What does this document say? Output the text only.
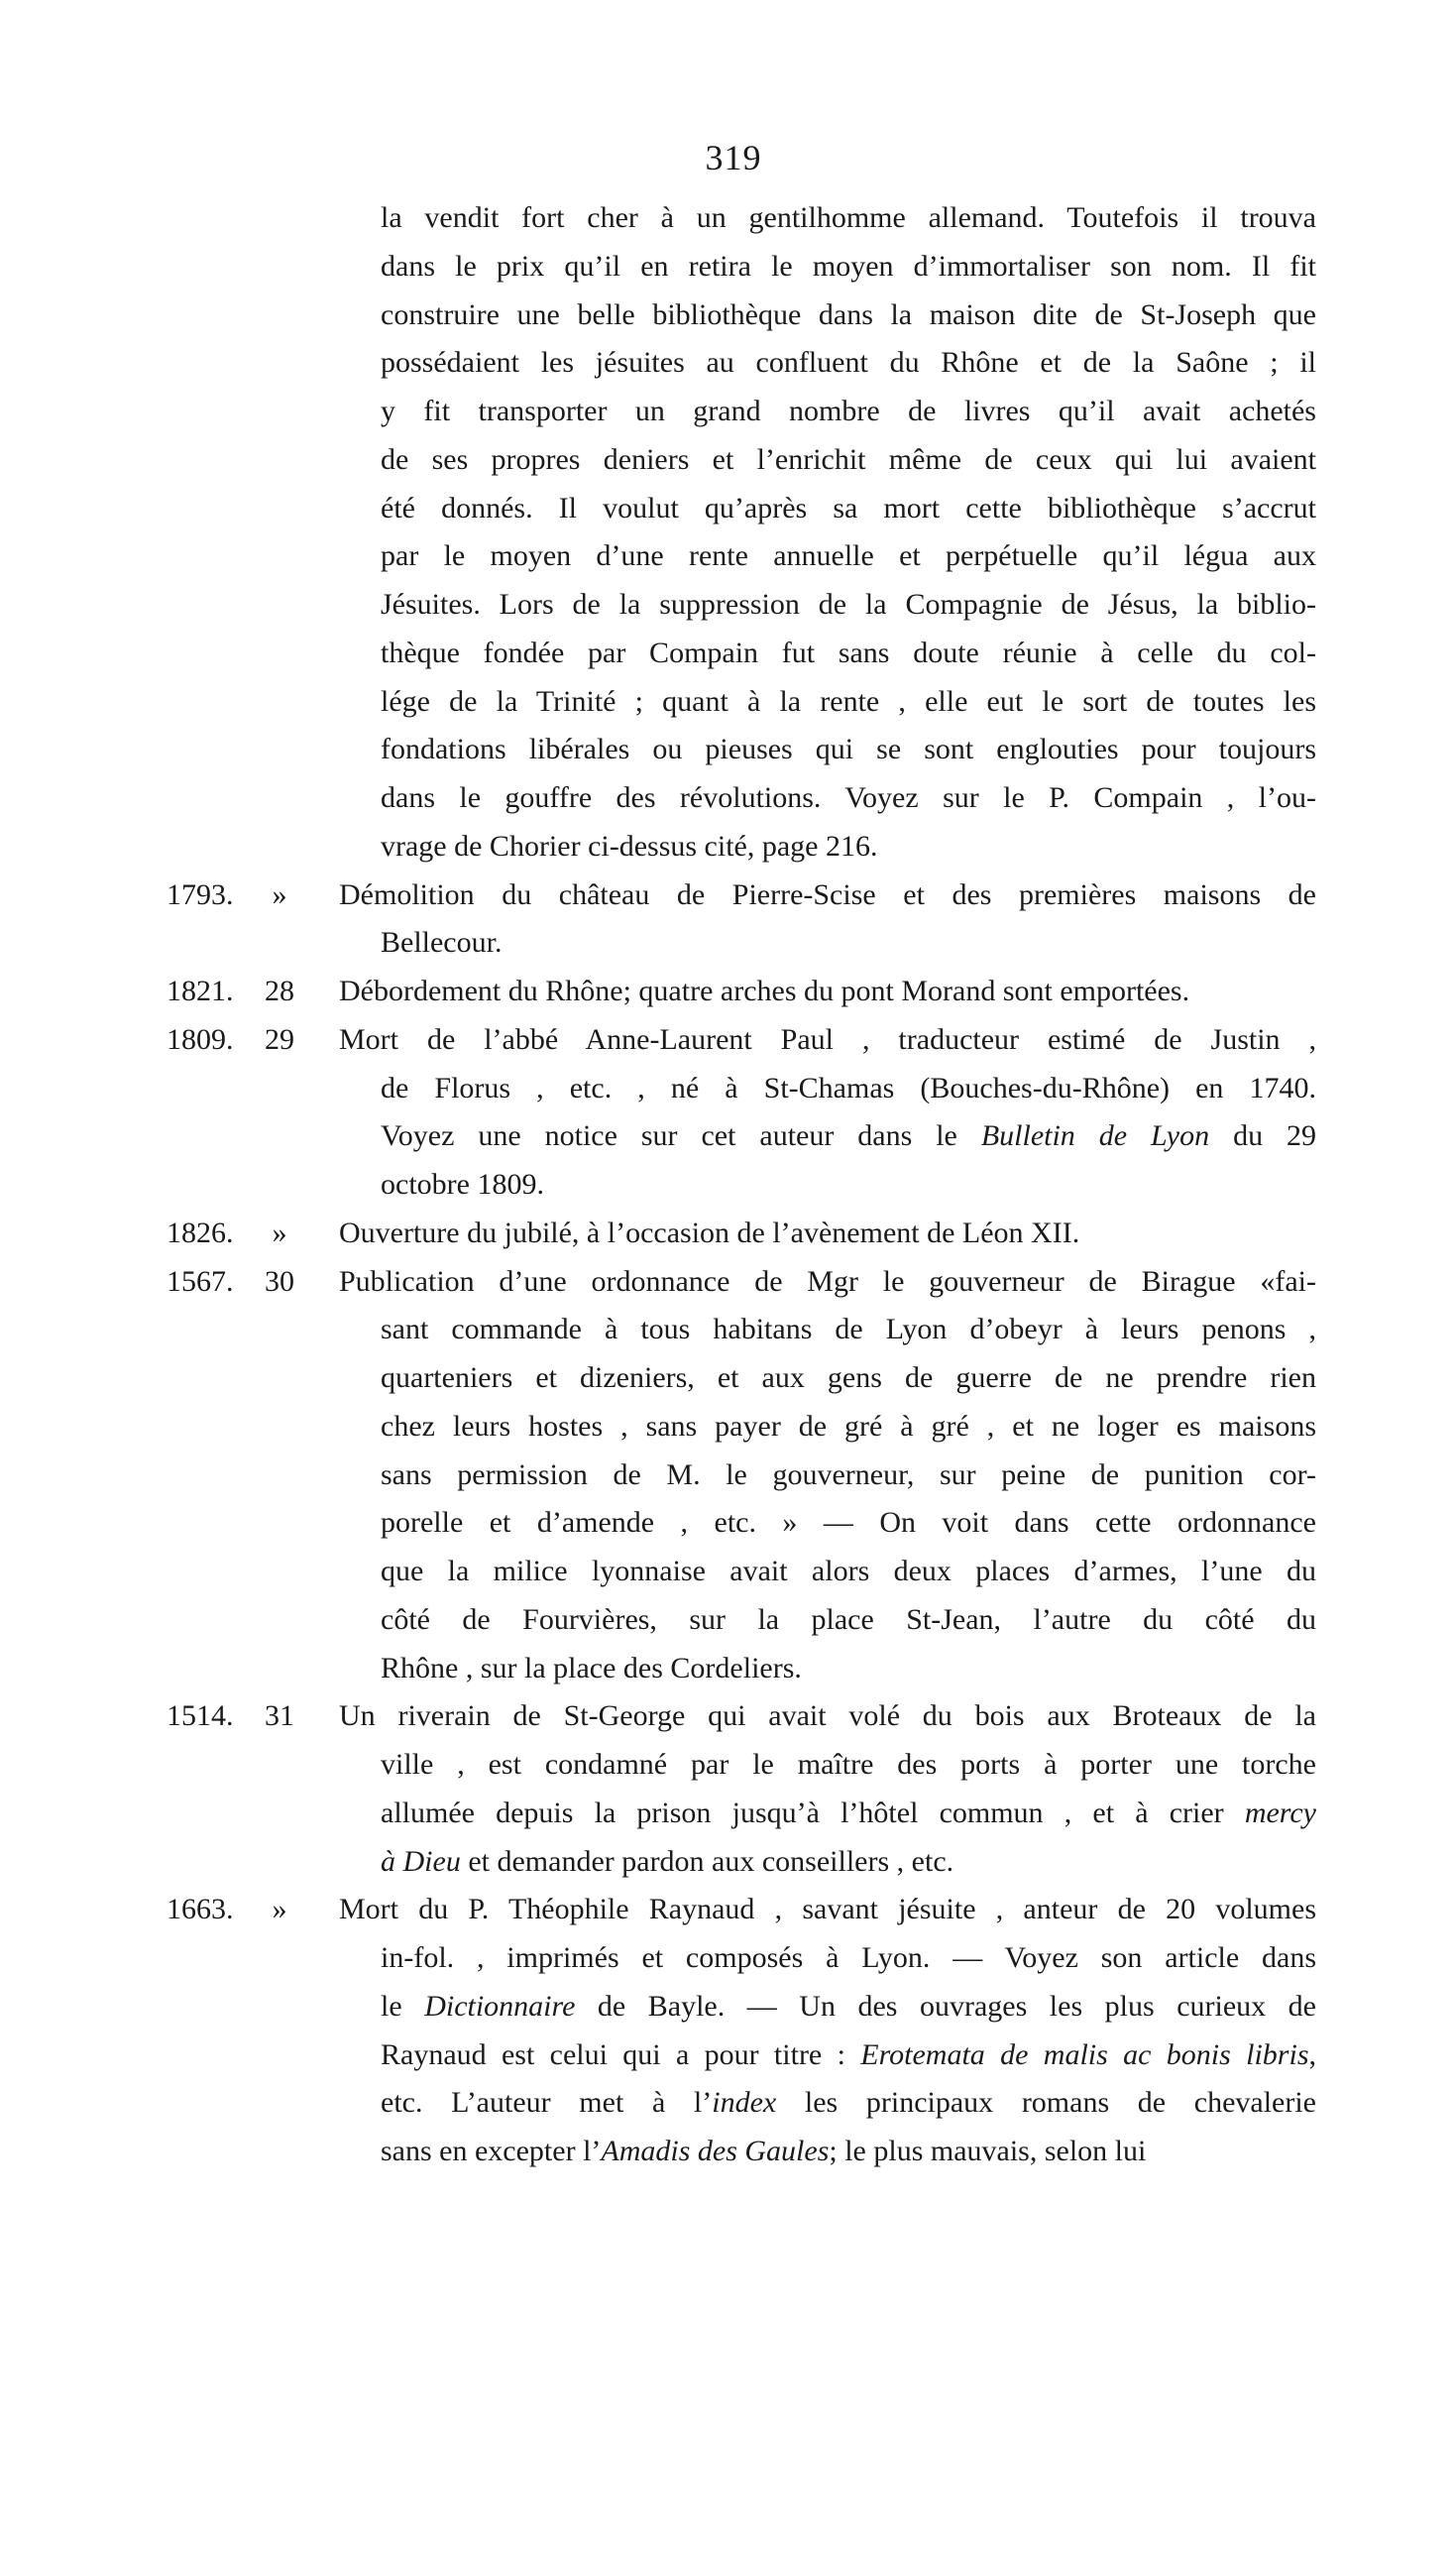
319
la vendit fort cher à un gentilhomme allemand. Toutefois il trouva
dans le prix qu’il en retira le moyen d’immortaliser son nom. Il fit
construire une belle bibliothèque dans la maison dite de St-Joseph que
possédaient les jésuites au confluent du Rhône et de la Saône ; il
y fit transporter un grand nombre de livres qu’il avait achetés
de ses propres deniers et l’enrichit même de ceux qui lui avaient
été donnés. Il voulut qu’après sa mort cette bibliothèque s’accrut
par le moyen d’une rente annuelle et perpétuelle qu’il légua aux
Jésuites. Lors de la suppression de la Compagnie de Jésus, la biblio-
thèque fondée par Compain fut sans doute réunie à celle du col-
lége de la Trinité ; quant à la rente , elle eut le sort de toutes les
fondations libérales ou pieuses qui se sont englouties pour toujours
dans le gouffre des révolutions. Voyez sur le P. Compain , l’ou-
vrage de Chorier ci-dessus cité, page 216.
1793.	»	Démolition du château de Pierre-Scise et des premières maisons de
Bellecour.
1821. 28 Débordement du Rhône; quatre arches du pont Morand sont emportées.
1809. 29 Mort de l’abbé Anne-Laurent Paul , traducteur estimé de Justin ,
de Florus , etc. , né à St-Chamas (Bouches-du-Rhône) en 1740.
Voyez une notice sur cet auteur dans le Bulletin de Lyon du 29
octobre 1809.
1826.	»	Ouverture du jubilé, à l’occasion de l’avènement de Léon XII.
1567. 30 Publication d’une ordonnance de Mgr le gouverneur de Birague «fai-
sant commande à tous habitans de Lyon d’obeyr à leurs penons ,
quarteniers et dizeniers, et aux gens de guerre de ne prendre rien
chez leurs hostes , sans payer de gré à gré , et ne loger es maisons
sans permission de M. le gouverneur, sur peine de punition cor-
porelle et d’amende , etc. » — On voit dans cette ordonnance
que la milice lyonnaise avait alors deux places d’armes, l’une du
côté de Fourvières, sur la place St-Jean, l’autre du côté du
Rhône , sur la place des Cordeliers.
1514. 31 Un riverain de St-George qui avait volé du bois aux Broteaux de la
ville , est condamné par le maître des ports à porter une torche
allumée depuis la prison jusqu’à l’hôtel commun , et à crier mercy
à Dieu et demander pardon aux conseillers , etc.
1663.	»	Mort du P. Théophile Raynaud , savant jésuite , anteur de 20 volumes
in-fol. , imprimés et composés à Lyon. — Voyez son article dans
le Dictionnaire de Bayle. — Un des ouvrages les plus curieux de
Raynaud est celui qui a pour titre : Erotemata de malis ac bonis libris,
etc. L’auteur met à l’index les principaux romans de chevalerie
sans en excepter l’Amadis des Gaules; le plus mauvais, selon lui
